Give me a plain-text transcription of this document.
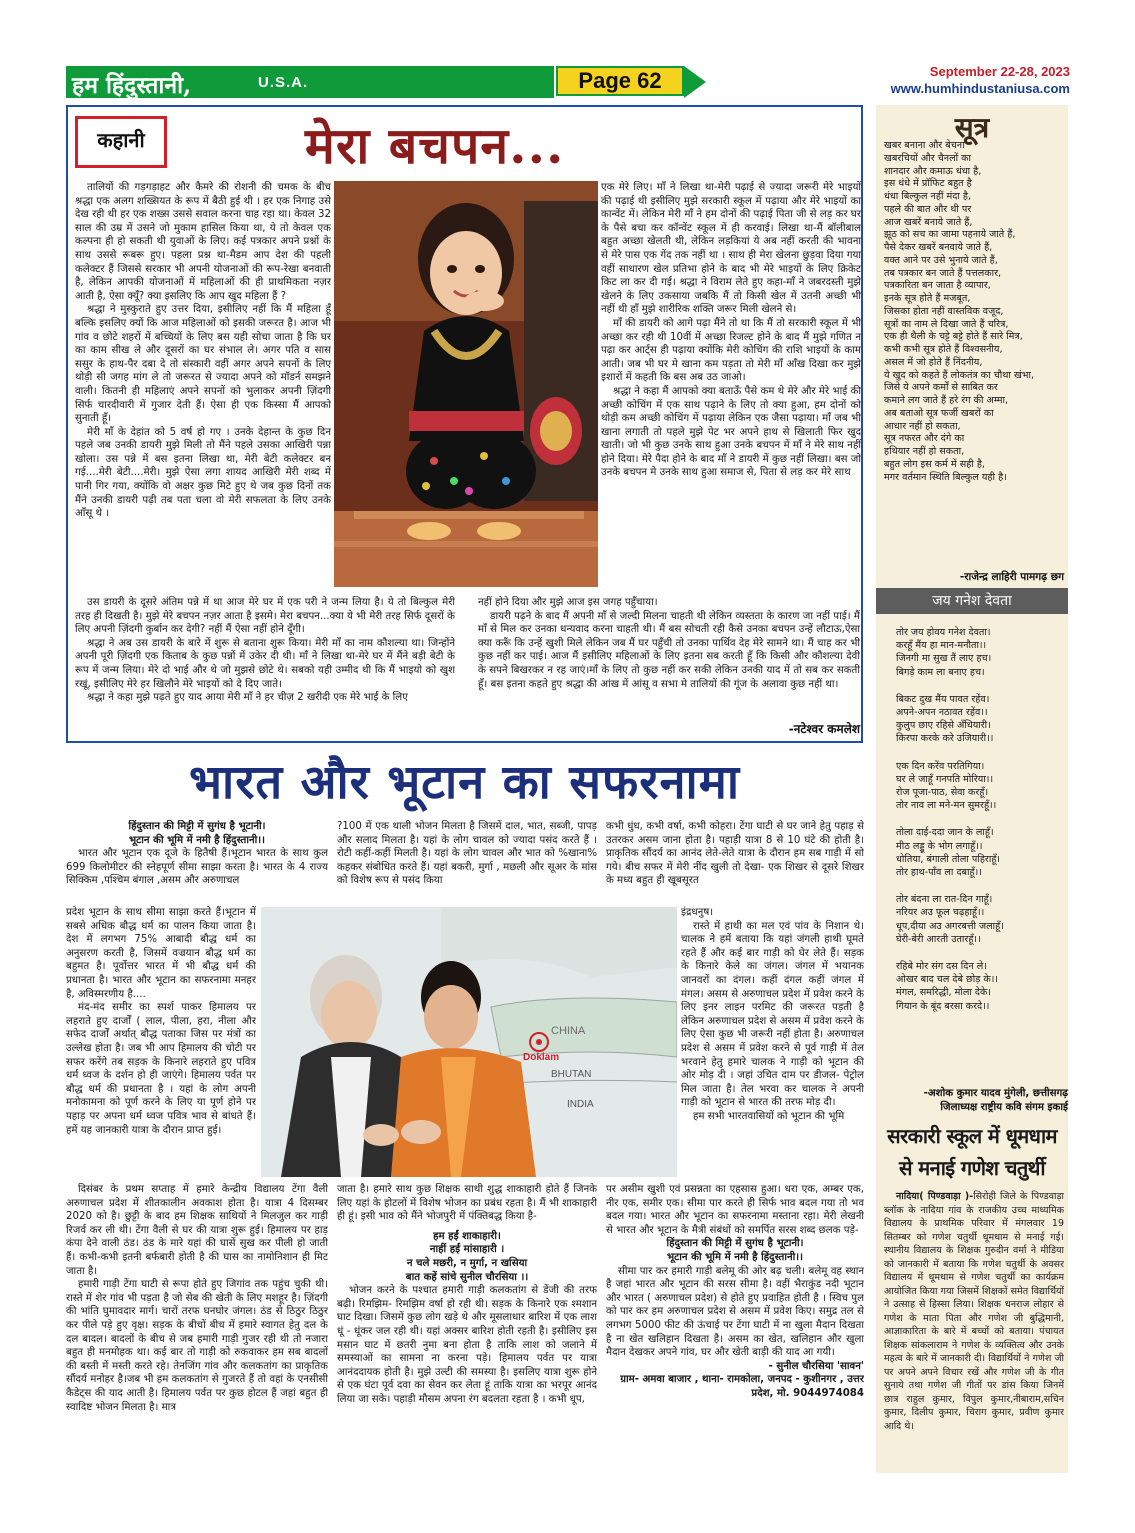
हम हिंदुस्तानी,	U.S.A.	Page 62	September 22-28, 2023
www.humhindustaniusa.com
कहानी	मेरा बचपन...

तालियों की गड़गड़ाहट और कैमरे की रोशनी की चमक के बीच श्रद्धा एक अलग शख्सियत के रूप में बैठी हुई थी । हर एक निगाह उसे देख रही थी हर एक शख्स उससे सवाल करना चाह रहा था। केवल 32 साल की उम्र में उसने जो मुकाम हासिल किया था, ये तो केवल एक कल्पना ही हो सकती थी युवाओं के लिए। कई पत्रकार अपने प्रश्नों के साथ उससे रूबरू हुए। पहला प्रश्न था-मैडम आप देश की पहली कलेक्टर हैं जिससे सरकार भी अपनी योजनाओं की रूप-रेखा बनवाती है, लेकिन आपकी योजनाओं में महिलाओं की ही प्राथमिकता नज़र आती है, ऐसा क्यूँ? क्या इसलिए कि आप खुद महिला हैं ?

श्रद्धा ने मुस्कुराते हुए उत्तर दिया, इसीलिए नहीं कि मैं महिला हूँ बल्कि इसलिए क्यों कि आज महिलाओं को इसकी जरूरत है। आज भी गांव व छोटे शहरों में बच्चियों के लिए बस यही सोचा जाता है कि घर का काम सीख ले और दूसरों का घर संभाल ले। अगर पति व सास ससुर के हाथ-पैर दबा दे तो संस्कारी वहीं अगर अपने सपनों के लिए थोड़ी सी जगह मांग ले तो जरूरत से ज्यादा अपने को मॉडर्न समझने वाली। कितनी ही महिलाएं अपने सपनों को भुलाकर अपनी ज़िंदगी सिर्फ चारदीवारी में गुजार देती हैं। ऐसा ही एक किस्सा मैं आपको सुनाती हूँ।

मेरी माँ के देहांत को 5 वर्ष हो गए । उनके देहान्त के कुछ दिन पहले जब उनकी डायरी मुझे मिली तो मैंने पहले उसका आखिरी पन्ना खोला। उस पन्ने में बस इतना लिखा था, मेरी बेटी कलेक्टर बन गई....मेरी बेटी....मेरी। मुझे ऐसा लगा शायद आखिरी मेरी शब्द में पानी गिर गया, क्योंकि वो अक्षर कुछ मिटे हुए थे जब कुछ दिनों तक मैंने उनकी डायरी पढ़ी तब पता चला वो मेरी सफलता के लिए उनके आँसू थे ।

उस डायरी के दूसरे अंतिम पन्ने में था आज मेरे घर में एक परी ने जन्म लिया है। ये तो बिल्कुल मेरी तरह ही दिखती है। मुझे मेरे बचपन नज़र आता है इसमे। मेरा बचपन...क्या ये भी मेरी तरह सिर्फ दूसरों के लिए अपनी ज़िंदगी कुर्बान कर देगी? नहीं मैं ऐसा नहीं होने दूँगी।

श्रद्धा ने अब उस डायरी के बारे में शुरू से बताना शुरू किया। मेरी माँ का नाम कौशल्या था। जिन्होंने अपनी पूरी ज़िंदगी एक किताब के कुछ पन्नों में उकेर दी थी। माँ ने लिखा था-मेरे घर में मैंने बड़ी बेटी के रूप में जन्म लिया। मेरे दो भाई और थे जो मुझसे छोटे थे। सबको यही उम्मीद थी कि मैं भाइयो को खुश रखूं, इसीलिए मेरे हर खिलौने मेरे भाइयों को दे दिए जाते।

श्रद्धा ने कहा मुझे पढ़ते हुए याद आया मेरी माँ ने हर चीज़ 2 खरीदी एक मेरे भाई के लिए

एक मेरे लिए। माँ ने लिखा था-मेरी पढ़ाई से ज्यादा जरूरी मेरे भाइयों की पढ़ाई थी इसीलिए मुझे सरकारी स्कूल में पढ़ाया और मेरे भाइयों का कान्वेंट में। लेकिन मेरी माँ ने हम दोनों की पढ़ाई पिता जी से लड़ कर घर के पैसे बचा कर कॉन्वेंट स्कूल में ही करवाई। लिखा था-मैं बॉलीबाल बहुत अच्छा खेलती थी, लेकिन लड़कियां ये अब नहीं करती की भावना से मेरे पास एक गेंद तक नहीं था । साथ ही मेरा खेलना छुड़वा दिया गया वहीं साधारण खेल प्रतिभा होने के बाद भी मेरे भाइयों के लिए क्रिकेट किट ला कर दी गई। श्रद्धा ने विराम लेते हुए कहा-माँ ने जबरदस्ती मुझे खेलने के लिए उकसाया जबकि मैं तो किसी खेल में उतनी अच्छी भी नहीं थी हाँ मुझे शारीरिक शक्ति जरूर मिली खेलने से।

माँ की डायरी को आगे पढ़ा मैंने तो था कि मैं तो सरकारी स्कूल में भी अच्छा कर रही थी 10वीं में अच्छा रिजल्ट होने के बाद मैं मुझे गणित न पढ़ा कर आर्ट्स ही पढ़ाया क्योंकि मेरी कोचिंग की राशि भाइयों के काम आती। जब भी घर मे खाना कम पड़ता तो मेरी माँ आँख दिखा कर मुझे इशारों में कहती कि बस अब उठ जाओ।

श्रद्धा ने कहा मैं आपको क्या बताऊँ पैसे कम थे मेरे और मेरे भाई की अच्छी कोचिंग में एक साथ पढ़ाने के लिए तो क्या हुआ, हम दोनों को थोड़ी कम अच्छी कोचिंग में पढ़ाया लेकिन एक जैसा पढ़ाया। माँ जब भी खाना लगाती तो पहले मुझे पेट भर अपने हाथ से खिलाती फिर खुद खाती। जो भी कुछ उनके साथ हुआ उनके बचपन में माँ ने मेरे साथ नहीं होने दिया। मेरे पैदा होने के बाद माँ ने डायरी में कुछ नहीं लिखा। बस जो उनके बचपन मे उनके साथ हुआ समाज से, पिता से लड़ कर मेरे साथ

नहीं होने दिया और मुझे आज इस जगह पहुँचाया।

डायरी पढ़ने के बाद मैं अपनी माँ से जल्दी मिलना चाहती थी लेकिन व्यस्तता के कारण जा नहीं पाई। मैं माँ से मिल कर उनका धन्यवाद करना चाहती थी। मैं बस सोचती रही कैसे उनका बचपन उन्हें लौटाऊ,ऐसा क्या करूँ कि उन्हें खुशी मिले लेकिन जब मैं घर पहुँची तो उनका पार्थिव देह मेरे सामने था। मैं चाह कर भी कुछ नहीं कर पाई। आज मैं इसीलिए महिलाओं के लिए इतना सब करती हूँ कि किसी और कौशल्या देवी के सपने बिखरकर न रह जाएं।माँ के लिए तो कुछ नहीं कर सकी लेकिन उनकी याद में तो सब कर सकती हूँ। बस इतना कहते हुए श्रद्धा की आंख में आंसू व सभा मे तालियों की गूंज के अलावा कुछ नहीं था।

-नटेश्वर कमलेश
भारत और भूटान का सफरनामा

हिंदुस्तान की मिट्टी में सुगंध है भूटानी।

भूटान की भूमि में नमी है हिंदुस्तानी।।

भारत और भूटान एक दूजे के हितैषी हैं।भूटान भारत के साथ कुल 699 किलोमीटर की स्नेहपूर्ण सीमा साझा करता है। भारत के 4 राज्य सिक्किम ,पश्चिम बंगाल ,असम और अरुणाचल

?100 में एक थाली भोजन मिलता है जिसमें दाल, भात, सब्जी, पापड़ और सलाद मिलता है। यहां के लोग चावल को ज्यादा पसंद करते हैं । रोटी कहीं-कहीं मिलती है। यहां के लोग चावल और भात को %खाना% कहकर संबोधित करते हैं। यहां बकरी, मुर्गा , मछली और सूअर के मांस को विशेष रूप से पसंद किया

कभी धुंध, कभी वर्षा, कभी कोहरा। टेंगा घाटी से घर जाने हेतु पहाड़ से उतरकर असम जाना होता है। पहाड़ी यात्रा 8 से 10 घंटे की होती है। प्राकृतिक सौंदर्य का आनंद लेते-लेते यात्रा के दौरान हम सब गाड़ी में सो गये। बीच सफर में मेरी नींद खुली तो देखा- एक शिखर से दूसरे शिखर के मध्य बहुत ही खूबसूरत

प्रदेश भूटान के साथ सीमा साझा करते हैं।भूटान में सबसे अधिक बौद्ध धर्म का पालन किया जाता है। देश में लगभग 75% आबादी बौद्ध धर्म का अनुसरण करती है, जिसमें वज्रयान बौद्ध धर्म का बहुमत है। पूर्वोत्तर भारत में भी बौद्ध धर्म की प्रधानता है। भारत और भूटान का सफरनामा मनहर है, अविस्मरणीय है....

मंद-मंद समीर का स्पर्श पाकर हिमालय पर लहराते हुए दार्जों ( लाल, पीला, हरा, नीला और सफेद दार्जों अर्थात् बौद्ध पताका जिस पर मंत्रों का उल्लेख होता है। जब भी आप हिमालय की चोटी पर सफर करेंगे तब सड़क के किनारे लहराते हुए पवित्र धर्म ध्वज के दर्शन हो ही जाएंगे। हिमालय पर्वत पर बौद्ध धर्म की प्रधानता है । यहां के लोग अपनी मनोकामना को पूर्ण करने के लिए या पूर्ण होने पर पहाड़ पर अपना धर्म ध्वज पवित्र भाव से बांधते हैं। हमें यह जानकारी यात्रा के दौरान प्राप्त हुई।

CHINA
Doklam
BHUTAN
INDIA

इंद्रधनुष।

रास्ते में हाथी का मल एवं पांव के निशान थे। चालक ने हमें बताया कि यहां जंगली हाथी घूमते रहते हैं और कई बार गाड़ी को घेर लेते हैं। सड़क के किनारे केले का जंगल। जंगल में भयानक जानवरों का दंगल। कहीं दंगल कहीं जंगल में मंगल। असम से अरुणाचल प्रदेश में प्रवेश करने के लिए इनर लाइन परमिट की जरूरत पड़ती है लेकिन अरुणाचल प्रदेश से असम में प्रवेश करने के लिए ऐसा कुछ भी जरूरी नहीं होता है। अरुणाचल प्रदेश से असम में प्रवेश करने से पूर्व गाड़ी में तेल भरवाने हेतु हमारे चालक ने गाड़ी को भूटान की ओर मोड़ दी । जहां उचित दाम पर डीजल- पेट्रोल मिल जाता है। तेल भरवा कर चालक ने अपनी गाड़ी को भूटान से भारत की तरफ मोड़ दी।

हम सभी भारतवासियों को भूटान की भूमि

दिसंबर के प्रथम सप्ताह में हमारे केन्द्रीय विद्यालय टेंगा वैली अरुणाचल प्रदेश में शीतकालीन अवकाश होता है। यात्रा 4 दिसम्बर 2020 को है। छुट्टी के बाद हम शिक्षक साथियों ने मिलजुल कर गाड़ी रिजर्व कर ली थी। टेंगा वैली से घर की यात्रा शुरू हुई। हिमालय पर हाड़ कंपा देने वाली ठंड। ठंड के मारे यहां की घासें सुख कर पीली हो जाती हैं। कभी-कभी इतनी बर्फबारी होती है की घास का नामोनिशान ही मिट जाता है।

हमारी गाड़ी टेंगा घाटी से रूपा होते हुए जिगांव तक पहुंच चुकी थी। रास्ते में शेर गांव भी पड़ता है जो सेब की खेती के लिए मशहूर है। ज़िंदगी की भांति घुमावदार मार्ग। चारों तरफ घनघोर जंगल। ठंड से ठिठुर ठिठुर कर पीले पड़े हुए वृक्ष। सड़क के बीचों बीच में हमारे स्वागत हेतु दल के दल बादल। बादलों के बीच से जब हमारी गाड़ी गुजर रही थी तो नजारा बहुत ही मनमोहक था। कई बार तो गाड़ी को रुकवाकर हम सब बादलों की बस्ती में मस्ती करते रहे। तेनजिंग गांव और कलकतांग का प्राकृतिक सौंदर्य मनोहर है।जब भी हम कलकतांग से गुजरते हैं तो वहां के एनसीसी कैडेट्स की याद आती है। हिमालय पर्वत पर कुछ होटल हैं जहां बहुत ही स्वादिष्ट भोजन मिलता है। मात्र

जाता है। हमारे साथ कुछ शिक्षक साथी शुद्ध शाकाहारी होते हैं जिनके लिए यहां के होटलों में विशेष भोजन का प्रबंध रहता है। मैं भी शाकाहारी ही हूं। इसी भाव को मैंने भोजपुरी में पंक्तिबद्ध किया है-

हम हईं शाकाहारी।

नाहीं हईं मांसाहारी ।

न चले मछरी, न मुर्गा, न खसिया

बात कहें सांचे सुनील चौरसिया ।।

भोजन करने के पश्चात हमारी गाड़ी कलकतांग से डेंजी की तरफ बढ़ी। रिमझिम- रिमझिम वर्षा हो रही थी। सड़क के किनारे एक श्मशान घाट दिखा। जिसमें कुछ लोग खड़े थे और मूसलाधार बारिश में एक लाश धूं - धूंकर जल रही थी। यहां अक्सर बारिश होती रहती है। इसीलिए इस मसान घाट में छतरी नुमा बना होता है ताकि लाश को जलाने में समस्याओं का सामना ना करना पड़े। हिमालय पर्वत पर यात्रा आनंददायक होती है। मुझे उल्टी की समस्या है। इसलिए यात्रा शुरू होने से एक घंटा पूर्व दवा का सेवन कर लेता हूं ताकि यात्रा का भरपूर आनंद लिया जा सके। पहाड़ी मौसम अपना रंग बदलता रहता है । कभी धूप,

पर असीम खुशी एवं प्रसन्नता का एहसास हुआ। धरा एक, अम्बर एक, नीर एक, समीर एक। सीमा पार करते ही सिर्फ भाव बदल गया तो भव बदल गया। भारत और भूटान का सफरनामा मस्ताना रहा। मेरी लेखनी से भारत और भूटान के मैत्री संबंधों को समर्पित सरस शब्द छलक पड़े-

हिंदुस्तान की मिट्टी में सुगंध है भूटानी।

भूटान की भूमि में नमी है हिंदुस्तानी।।

सीमा पार कर हमारी गाड़ी बलेमू की ओर बढ़ चली। बलेमू वह स्थान है जहां भारत और भूटान की सरस सीमा है। वहीं भैराकुंड नदी भूटान और भारत ( अरुणाचल प्रदेश) से होते हुए प्रवाहित होती है । स्विच पुल को पार कर हम अरुणाचल प्रदेश से असम में प्रवेश किए। समुद्र तल से लगभग 5000 फीट की ऊंचाई पर टेंगा घाटी में ना खुला मैदान दिखता है ना खेत खलिहान दिखता है। असम का खेत, खलिहान और खुला मैदान देखकर अपने गांव, घर और खेती बाड़ी की याद आ गयी।

- सुनील चौरसिया 'सावन'

ग्राम- अमवा बाजार , थाना- रामकोला, जनपद - कुशीनगर , उत्तर प्रदेश, मो. 9044974084

सूत्र
खबर बनाना और बेचना
खबरचियों और चैनलों का
शानदार और कमाऊ धंधा है,
इस धंधे में प्रॉफिट बहुत है
धंधा बिल्कुल नहीं मंदा है,
पहले की बात और थी पर
आज खबरें बनाये जाते हैं,
झूठ को सच का जामा पहनाये जाते हैं,
पैसे देकर खबरें बनवाये जाते हैं,
वक्त आने पर उसे भुनाये जाते हैं,
तब पत्रकार बन जाते हैं पत्तलकार,
पत्रकारिता बन जाता है व्यापार,
इनके सूत्र होते हैं मजबूत,
जिसका होता नहीं वास्तविक वजूद,
सूत्रों का नाम ले दिखा जाते हैं चरित्र,
एक ही थैली के चट्टे बट्टे होते हैं सारे मित्र,
कभी कभी सूत्र होते हैं विश्वसनीय,
असल में जो होते हैं निंदनीय,
ये खुद को कहते हैं लोकतंत्र का चौथा खंभा,
जिसे ये अपने कर्मों से साबित कर
कमाने लग जाते हैं हरे रंग की अम्मा,
अब बताओ सूत्र फर्जी खबरों का
आधार नहीं हो सकता,
सूत्र नफरत और दंगे का
हथियार नहीं हो सकता,
बहुत लोग इस कर्म में सही है,
मगर वर्तमान स्थिति बिल्कुल यही है।
-राजेन्द्र लाहिरी पामगढ़ छग
जय गनेश देवता
तोर जय होवय गनेश देवता।
करहूँ मैंय हा मान-मनौता।।
जिनगी मा सुख तैं लाए हच।
बिगड़े काम ला बनाए हच।
बिकट दुख मैंय पावत रहेंव।
अपने-अपन नठावत रहेंव।।
कुलुप छाए रहिसे अँधियारी।
किरपा करके करे उजियारी।।
एक दिन करेंव परतिगिया।
घर ले जाहूँ गनपति मोरिया।।
रोज पूजा-पाठ, सेवा करहूँ।
तोर नाव ला मने-मन सुमरहूँ।।
तोला दाई-ददा जान के लाहूँ।
मीठ लड्डू के भोग लगाहूँ।।
धोतिया, बंगाली तोला पहिराहूँ।
तोर हाथ-पाँव ला दबाहूँ।।
तोर बंदना ला रात-दिन गाहूँ।
नरियर अउ फूल चढ़हाहूँ।।
धूप,दीया अउ अगरबत्ती जलाहूँ।
घेरी-बेरी आरती उतारहूँ।।
रहिबे मोर संग दस दिन ले।
ओखर बाद चल देबे छोड़ के।।
मंगल, समरिद्धी, मोला देके।
गियान के बूंद बरसा करदे।।
-अशोक कुमार यादव मुंगेली, छत्तीसगढ़
जिलाध्यक्ष राष्ट्रीय कवि संगम इकाई
सरकारी स्कूल में धूमधाम
से मनाई गणेश चतुर्थी

नादिया( पिण्डवाड़ा )-सिरोही जिले के पिण्डवाड़ा ब्लॉक के नादिया गांव के राजकीय उच्च माध्यमिक विद्यालय के प्राथमिक परिवार में मंगलवार 19 सितम्बर को गणेश चतुर्थी धूमधाम से मनाई गई। स्थानीय विद्यालय के शिक्षक गुरुदीन वर्मा ने मीडिया को जानकारी में बताया कि गणेश चतुर्थी के अवसर विद्यालय में धूमधाम से गणेश चतुर्थी का कार्यक्रम आयोजित किया गया जिसमें शिक्षकों समेत विद्यार्थियों ने उत्साह से हिस्सा लिया। शिक्षक धनराज लोहार से गणेश के माता पिता और गणेश जी बुद्धिमानी, आज्ञाकारिता के बारे में बच्चों को बताया। पंचायत शिक्षक सांकलाराम ने गणेश के व्यक्तित्व और उनके महत्व के बारे में जानकारी दी। विद्यार्थियों ने गणेश जी पर अपने अपने विचार रखें और गणेश जी के गीत सुनाये तथा गणेश जी गीतों पर डांस किया जिनमें छात्र राहुल कुमार, विपुल कुमार,नीबाराम,सचिन कुमार, दिलीप कुमार, चिराग कुमार, प्रवीण कुमार आदि थे।
